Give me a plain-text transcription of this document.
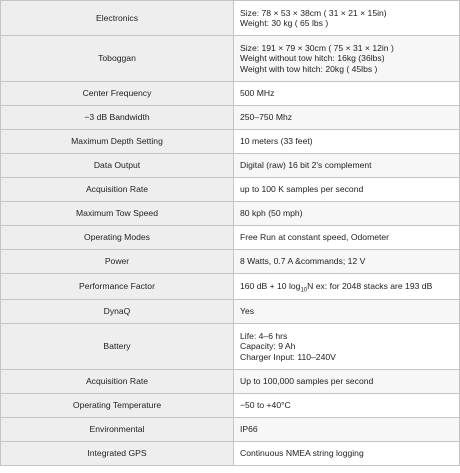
Electronics	Size: 78 × 53 × 38cm ( 31 × 21 × 15in)
Weight: 30 kg ( 65 lbs )

Toboggan	Size: 191 × 79 × 30cm ( 75 × 31 × 12in )
Weight without tow hitch: 16kg (36lbs)
Weight with tow hitch: 20kg ( 45lbs )

Center Frequency	500 MHz

−3 dB Bandwidth	250–750 Mhz

Maximum Depth Setting	10 meters (33 feet)

Data Output	Digital (raw) 16 bit 2's complement

Acquisition Rate	up to 100 K samples per second

Maximum Tow Speed	80 kph (50 mph)

Operating Modes	Free Run at constant speed, Odometer

Power	8 Watts, 0.7 A &commands; 12 V

Performance Factor	160 dB + 10 $\log_{10}N$ ex: for 2048 stacks are 193 dB

DynaQ	Yes

Battery	Life: 4–6 hrs
Capacity: 9 Ah
Charger Input: 110–240V

Acquisition Rate	Up to 100,000 samples per second

Operating Temperature	−50 to +40°C

Environmental	IP66

Integrated GPS	Continuous NMEA string logging
